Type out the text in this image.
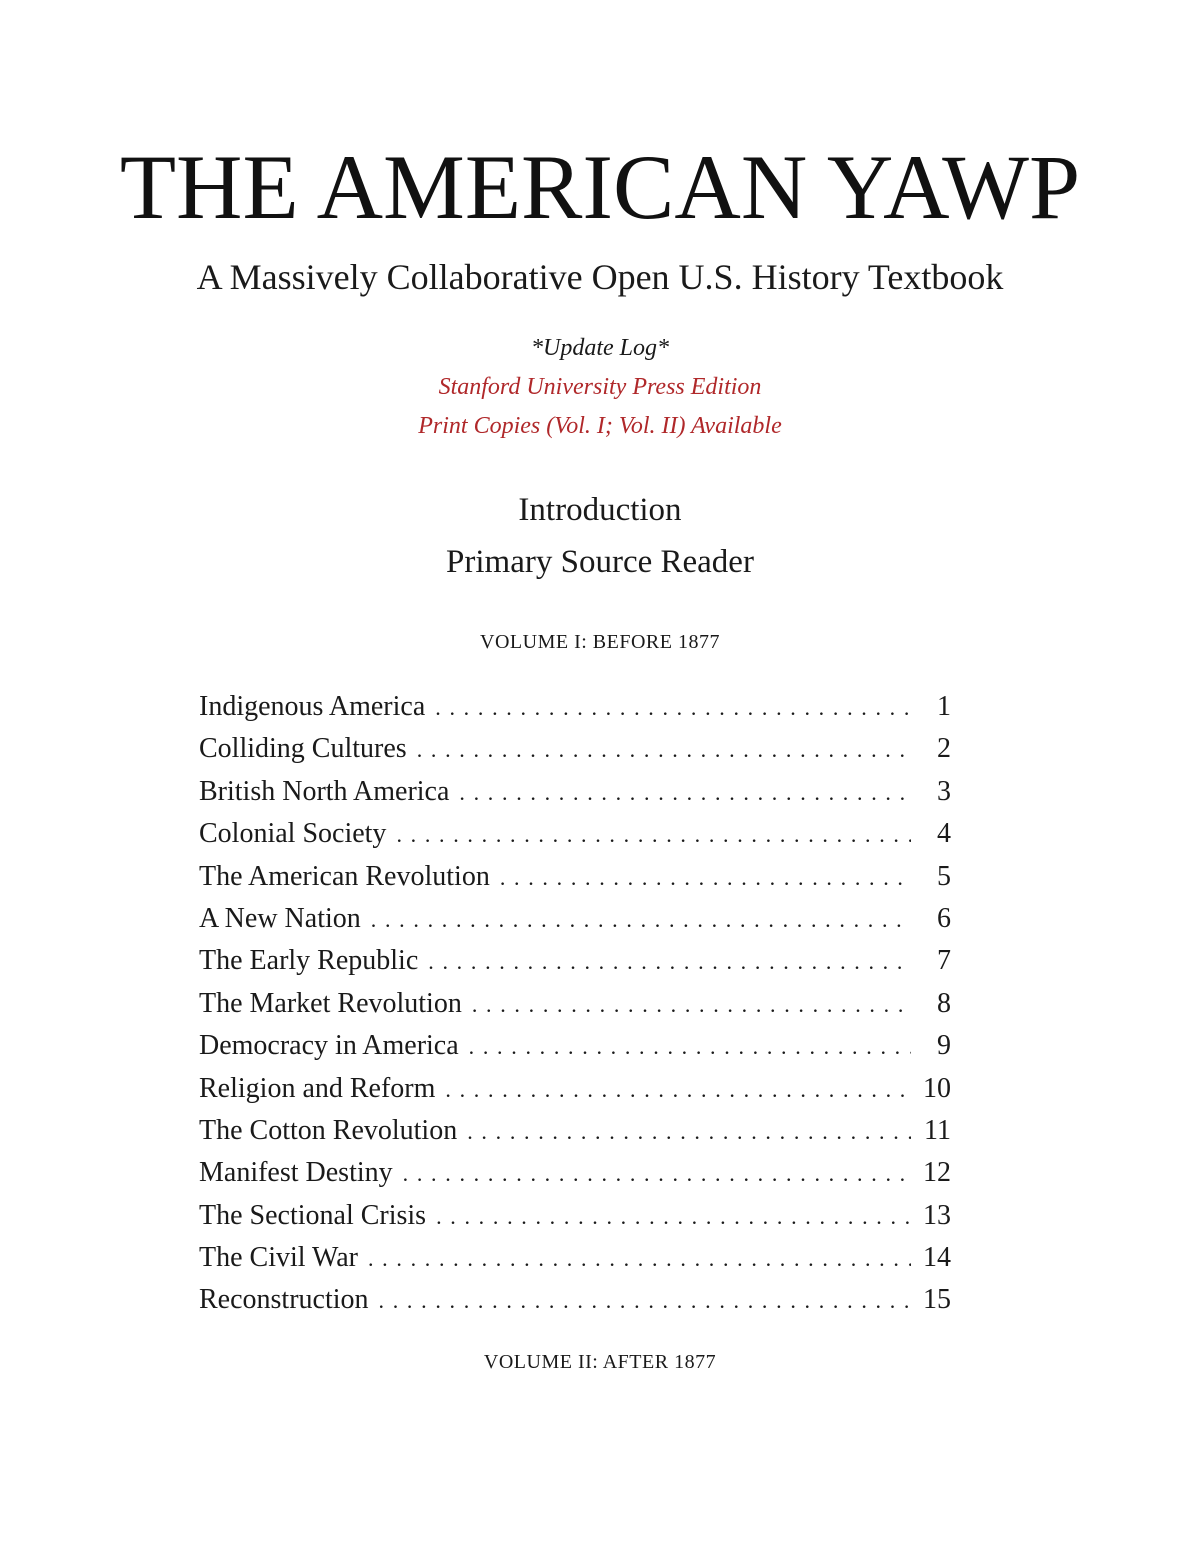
THE AMERICAN YAWP
A Massively Collaborative Open U.S. History Textbook
*Update Log*
Stanford University Press Edition
Print Copies (Vol. I; Vol. II) Available
Introduction
Primary Source Reader
VOLUME I: BEFORE 1877
Indigenous America . . .	1
Colliding Cultures . . .	2
British North America . . .	3
Colonial Society . . .	4
The American Revolution . . .	5
A New Nation . . .	6
The Early Republic . . .	7
The Market Revolution . . .	8
Democracy in America . . .	9
Religion and Reform . . .	10
The Cotton Revolution . . .	11
Manifest Destiny . . .	12
The Sectional Crisis . . .	13
The Civil War . . .	14
Reconstruction . . .	15
VOLUME II: AFTER 1877
